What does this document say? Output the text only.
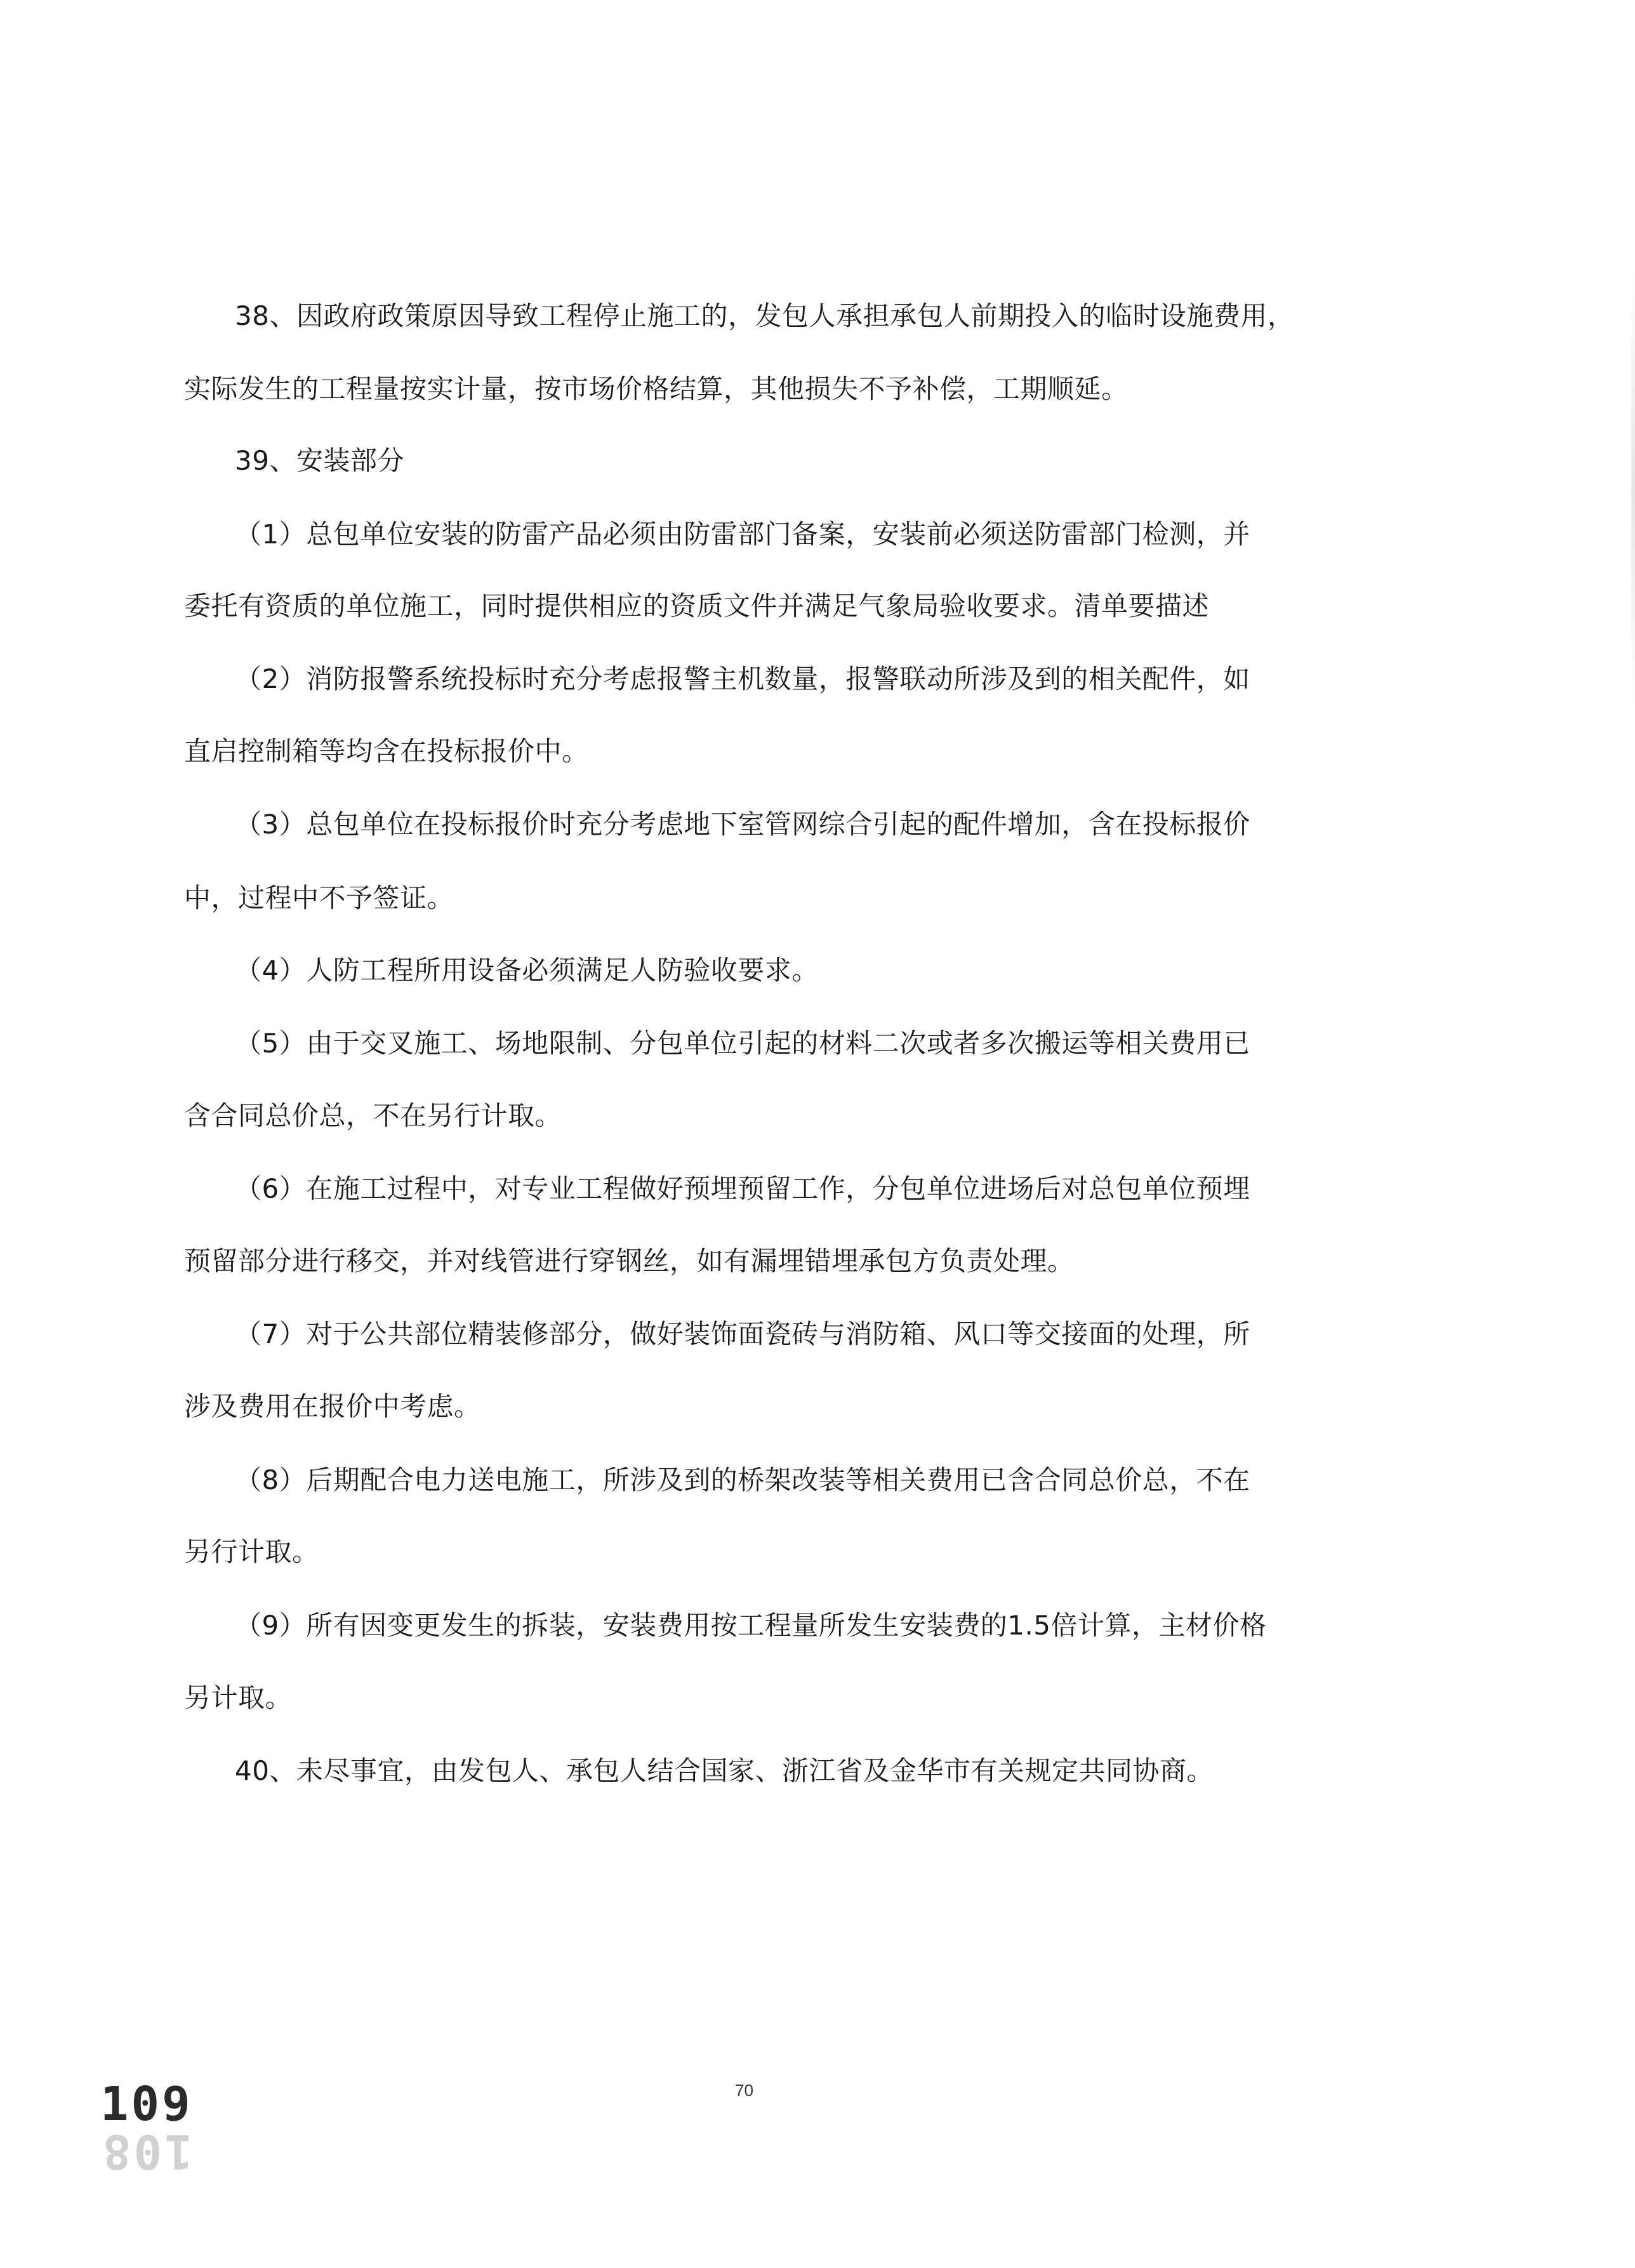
38、因政府政策原因导致工程停止施工的，发包人承担承包人前期投入的临时设施费用，
实际发生的工程量按实计量，按市场价格结算，其他损失不予补偿，工期顺延。
39、安装部分
（1）总包单位安装的防雷产品必须由防雷部门备案，安装前必须送防雷部门检测，并
委托有资质的单位施工，同时提供相应的资质文件并满足气象局验收要求。清单要描述
（2）消防报警系统投标时充分考虑报警主机数量，报警联动所涉及到的相关配件，如
直启控制箱等均含在投标报价中。
（3）总包单位在投标报价时充分考虑地下室管网综合引起的配件增加，含在投标报价
中，过程中不予签证。
（4）人防工程所用设备必须满足人防验收要求。
（5）由于交叉施工、场地限制、分包单位引起的材料二次或者多次搬运等相关费用已
含合同总价总，不在另行计取。
（6）在施工过程中，对专业工程做好预埋预留工作，分包单位进场后对总包单位预埋
预留部分进行移交，并对线管进行穿钢丝，如有漏埋错埋承包方负责处理。
（7）对于公共部位精装修部分，做好装饰面瓷砖与消防箱、风口等交接面的处理，所
涉及费用在报价中考虑。
（8）后期配合电力送电施工，所涉及到的桥架改装等相关费用已含合同总价总，不在
另行计取。
（9）所有因变更发生的拆装，安装费用按工程量所发生安装费的1.5倍计算，主材价格
另计取。
40、未尽事宜，由发包人、承包人结合国家、浙江省及金华市有关规定共同协商。
70
109
108
